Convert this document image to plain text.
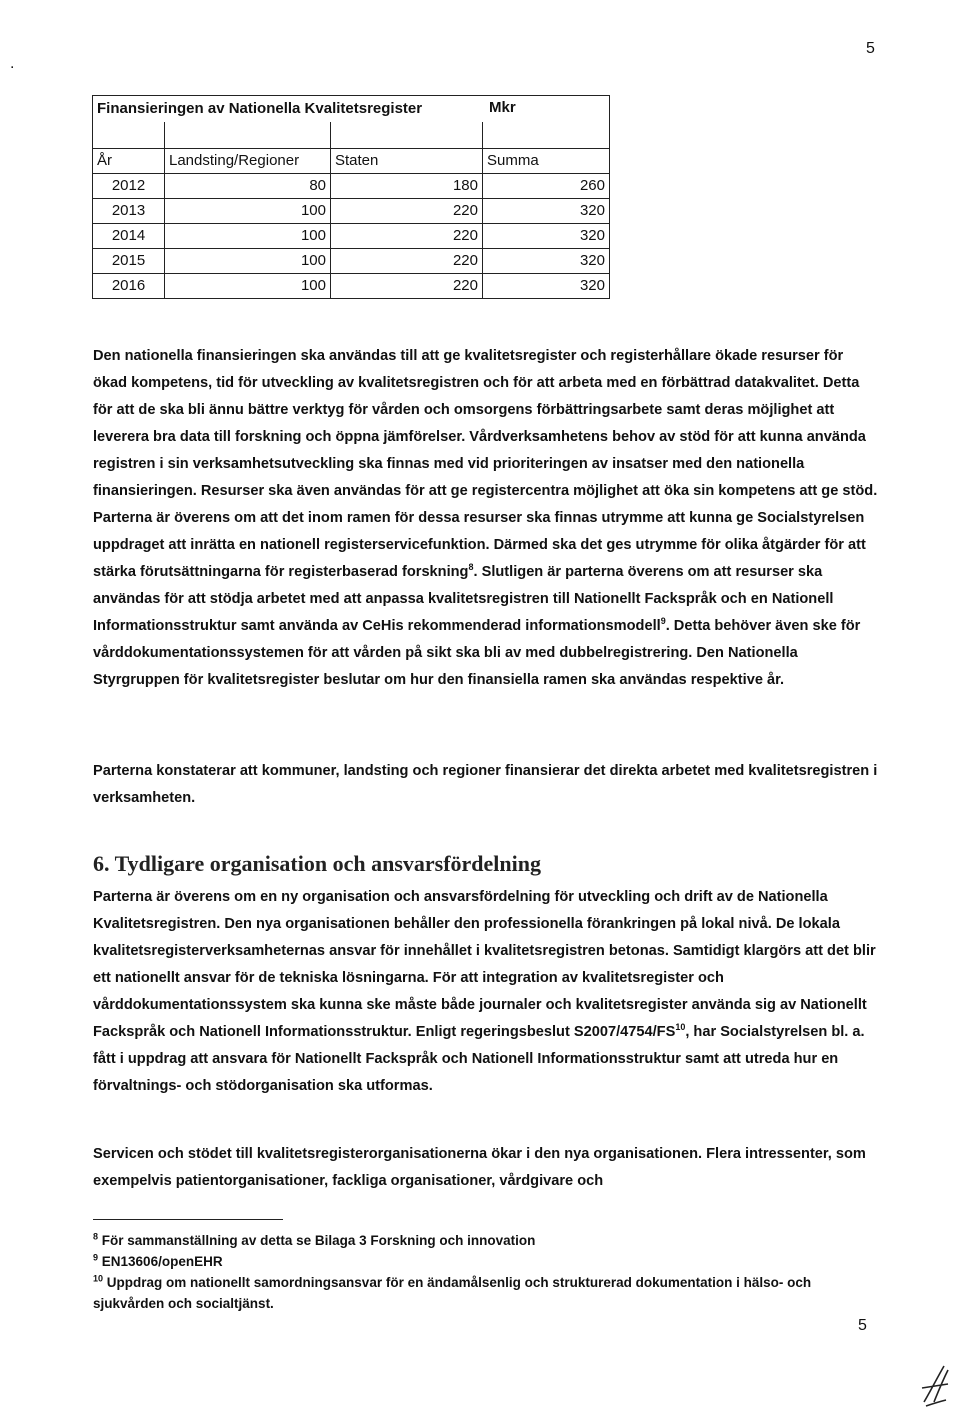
5
.
Finansieringen av Nationella Kvalitetsregister Mkr			

År	Landsting/Regioner	Staten	Summa
2012	80	180	260
2013	100	220	320
2014	100	220	320
2015	100	220	320
2016	100	220	320
Den nationella finansieringen ska användas till att ge kvalitetsregister och registerhållare ökade resurser för ökad kompetens, tid för utveckling av kvalitetsregistren och för att arbeta med en förbättrad datakvalitet. Detta för att de ska bli ännu bättre verktyg för vården och omsorgens förbättringsarbete samt deras möjlighet att leverera bra data till forskning och öppna jämförelser. Vårdverksamhetens behov av stöd för att kunna använda registren i sin verksamhetsutveckling ska finnas med vid prioriteringen av insatser med den nationella finansieringen. Resurser ska även användas för att ge registercentra möjlighet att öka sin kompetens att ge stöd. Parterna är överens om att det inom ramen för dessa resurser ska finnas utrymme att kunna ge Socialstyrelsen uppdraget att inrätta en nationell registerservicefunktion. Därmed ska det ges utrymme för olika åtgärder för att stärka förutsättningarna för registerbaserad forskning$^8$. Slutligen är parterna överens om att resurser ska användas för att stödja arbetet med att anpassa kvalitetsregistren till Nationellt Fackspråk och en Nationell Informationsstruktur samt använda av CeHis rekommenderad informationsmodell$^9$. Detta behöver även ske för vårddokumentationssystemen för att vården på sikt ska bli av med dubbelregistrering. Den Nationella Styrgruppen för kvalitetsregister beslutar om hur den finansiella ramen ska användas respektive år.
Parterna konstaterar att kommuner, landsting och regioner finansierar det direkta arbetet med kvalitetsregistren i verksamheten.
6. Tydligare organisation och ansvarsfördelning
Parterna är överens om en ny organisation och ansvarsfördelning för utveckling och drift av de Nationella Kvalitetsregistren. Den nya organisationen behåller den professionella förankringen på lokal nivå. De lokala kvalitetsregisterverksamheternas ansvar för innehållet i kvalitetsregistren betonas. Samtidigt klargörs att det blir ett nationellt ansvar för de tekniska lösningarna. För att integration av kvalitetsregister och vårddokumentationssystem ska kunna ske måste både journaler och kvalitetsregister använda sig av Nationellt Fackspråk och Nationell Informationsstruktur. Enligt regeringsbeslut S2007/4754/FS$^{10}$, har Socialstyrelsen bl. a. fått i uppdrag att ansvara för Nationellt Fackspråk och Nationell Informationsstruktur samt att utreda hur en förvaltnings- och stödorganisation ska utformas.
Servicen och stödet till kvalitetsregisterorganisationerna ökar i den nya organisationen. Flera intressenter, som exempelvis patientorganisationer, fackliga organisationer, vårdgivare och
$^8$ För sammanställning av detta se Bilaga 3 Forskning och innovation
$^9$ EN13606/openEHR
$^{10}$ Uppdrag om nationellt samordningsansvar för en ändamålsenlig och strukturerad dokumentation i hälso- och sjukvården och socialtjänst.
5
